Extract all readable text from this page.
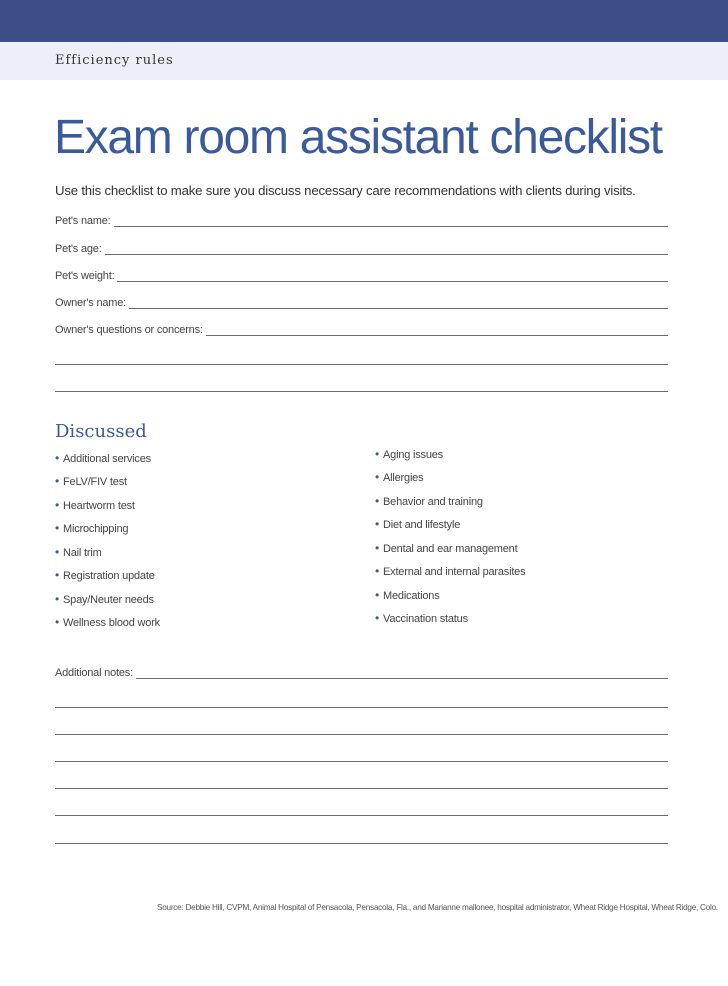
Efficiency rules
Exam room assistant checklist
Use this checklist to make sure you discuss necessary care recommendations with clients during visits.
Pet's name:
Pet's age:
Pet's weight:
Owner's name:
Owner's questions or concerns:
Discussed
• Additional services
• FeLV/FIV test
• Heartworm test
• Microchipping
• Nail trim
• Registration update
• Spay/Neuter needs
• Wellness blood work
• Aging issues
• Allergies
• Behavior and training
• Diet and lifestyle
• Dental and ear management
• External and internal parasites
• Medications
• Vaccination status
Additional notes:
Source: Debbie Hill, CVPM, Animal Hospital of Pensacola, Pensacola, Fla., and Marianne mallonee, hospital administrator, Wheat Ridge Hospital, Wheat Ridge, Colo.
